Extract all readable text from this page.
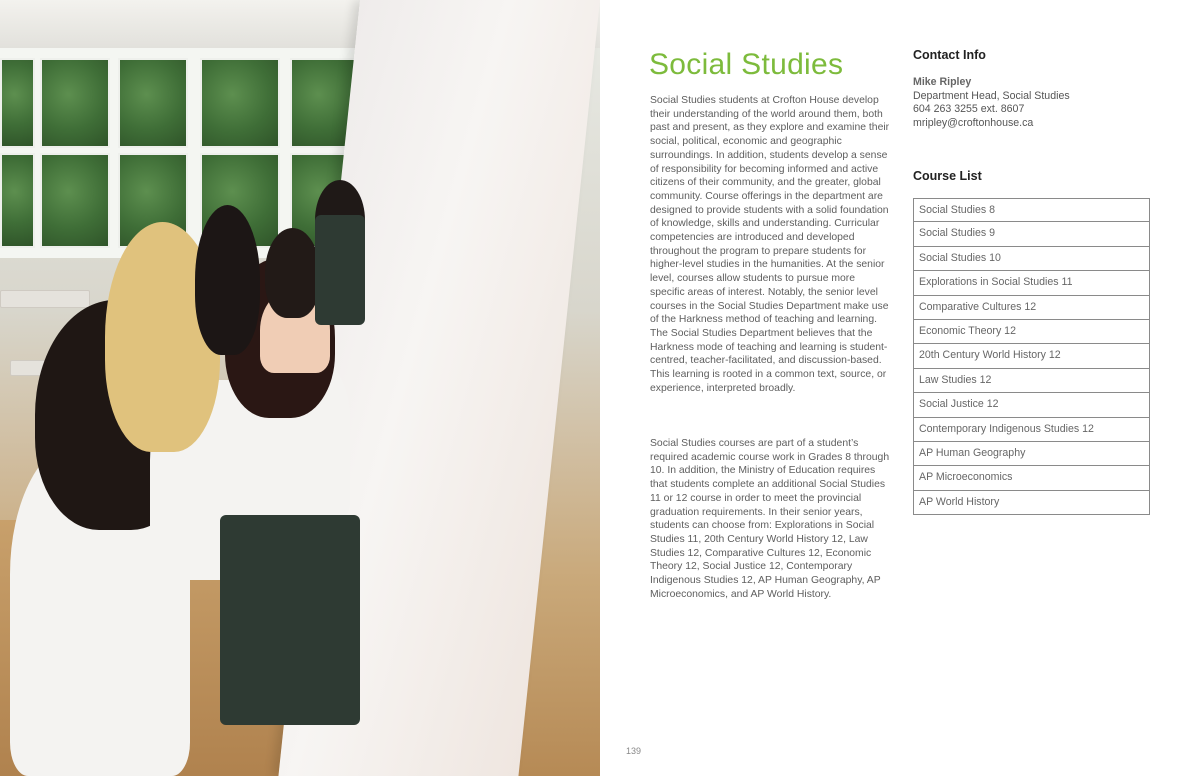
Social Studies

Social Studies students at Crofton House develop their understanding of the world around them, both past and present, as they explore and examine their social, political, economic and geographic surroundings. In addition, students develop a sense of responsibility for becoming informed and active citizens of their community, and the greater, global community. Course offerings in the department are designed to provide students with a solid foundation of knowledge, skills and understanding. Curricular competencies are introduced and developed throughout the program to prepare students for higher-level studies in the humanities. At the senior level, courses allow students to pursue more specific areas of interest. Notably, the senior level courses in the Social Studies Department make use of the Harkness method of teaching and learning. The Social Studies Department believes that the Harkness mode of teaching and learning is student-centred, teacher-facilitated, and discussion-based. This learning is rooted in a common text, source, or experience, interpreted broadly.

Social Studies courses are part of a student’s required academic course work in Grades 8 through 10. In addition, the Ministry of Education requires that students complete an additional Social Studies 11 or 12 course in order to meet the provincial graduation requirements. In their senior years, students can choose from: Explorations in Social Studies 11, 20th Century World History 12, Law Studies 12, Comparative Cultures 12, Economic Theory 12, Social Justice 12, Contemporary Indigenous Studies 12, AP Human Geography, AP Microeconomics, and AP World History.

Contact Info
Mike Ripley
Department Head, Social Studies
604 263 3255 ext. 8607
mripley@croftonhouse.ca
Course List
Social Studies 8
Social Studies 9
Social Studies 10
Explorations in Social Studies 11
Comparative Cultures 12
Economic Theory 12
20th Century World History 12
Law Studies 12
Social Justice 12
Contemporary Indigenous Studies 12
AP Human Geography
AP Microeconomics
AP World History
139
